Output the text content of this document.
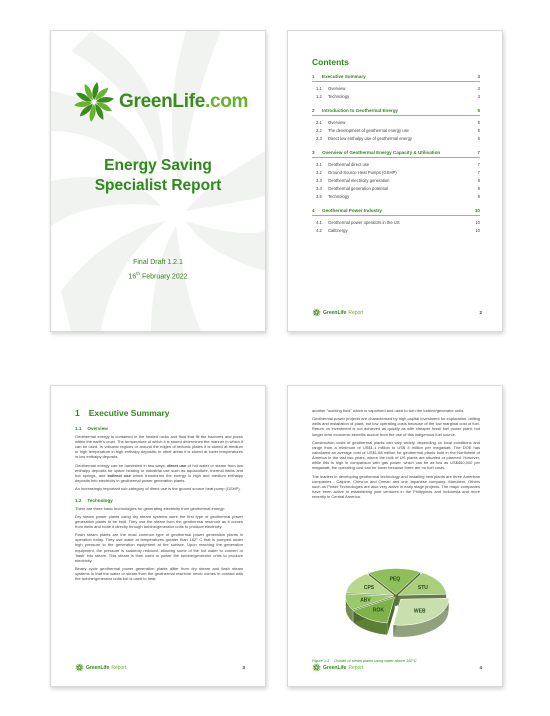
GreenLife.com
Energy Saving
Specialist Report
Final Draft 1.2.1
16th February 2022
Contents
1 Executive Summary	3
1.1 Overview	3
1.2 Technology	3
2 Introduction to Geothermal Energy	5
2.1 Overview	5
2.2 The development of geothermal energy use	5
2.3 Direct low enthalpy use of geothermal energy	6
3 Overview of Geothermal Energy Capacity & Utilisation	7
3.1 Geothermal direct use	7
3.2 Ground-Source Heat Pumps (GSHP)	7
3.3 Geothermal electricity generation	8
3.4 Geothermal generation potential	9
3.5 Technology	9
4 Geothermal Power Industry	10
4.1 Geothermal power operators in the US	10
4.2 CalEnergy	10
GreenLife Report	2
1 Executive Summary
1.1 Overview

Geothermal energy is contained in the heated rocks and fluid that fill the fractures and pores within the earth's crust. The temperature of which it is stored determines the manner in which it can be used. In volcanic regions or around the edges of tectonic plates it is stored at medium or high temperature in high enthalpy deposits; in other areas it is stored at lower temperatures in low enthalpy deposits.

Geothermal energy can be harvested in two ways, direct use of hot water or steam from low enthalpy deposits for space heating or industrial use such as aquaculture, thermal baths and hot springs, and indirect use which transforms the energy in high and medium enthalpy deposits into electricity in geothermal power generation plants.

An increasingly important sub-category of direct use is the ground source heat pump (GSHP).

1.2 Technology

There are three basic technologies for generating electricity from geothermal energy:

Dry steam power plants using dry steam systems were the first type of geothermal power generation plants to be built. They use the steam from the geothermal reservoir as it comes from wells and route it directly through turbine/generator units to produce electricity.

Flash steam plants are the most common type of geothermal power generation plants in operation today. They use water at temperatures greater than 182° C that is pumped under high pressure to the generation equipment at the surface. Upon reaching the generation equipment, the pressure is suddenly reduced, allowing some of the hot water to convert or 'flash' into steam. This steam is then used to power the turbine/generator units to produce electricity.

Binary cycle geothermal power generation plants differ from dry steam and flash steam systems in that the water or steam from the geothermal reservoir never comes in contact with the turbine/generator units but is used to heat

GreenLife Report	3

another "working fluid" which is vaporised and used to turn the turbine/generator units.

Geothermal power projects are characterised by high capital investment for exploration, drilling wells and installation of plant, but low operating costs because of the low marginal cost of fuel. Return on investment is not achieved as quickly as with cheaper fossil fuel power plant, but longer term economic benefits accrue from the use of this indigenous fuel source.

Construction costs of geothermal plants can vary widely, depending on local conditions and range from a minimum of US$1.1 million to US$ 3 million per megawatt. The DOE has calculated an average cost of US$1.68 million for geothermal plants built in the Northwest of America in the last two years, where the bulk of US plants are situated or planned. However, while this is high in comparison with gas power, which can be as low as US$460,000 per megawatt, the operating cost can be lower because there are no fuel costs.

The leaders in developing geothermal technology and installing new plants are three American companies - Calpine, Chevron and Ormat; and one Japanese company- Marubeni. Others such as Power Technologies are also very active in early stage projects. The major companies have been active in establishing joint ventures in the Philippines and Indonesia and more recently in Central America.

PEQ
STU
WEB
ROK
ABV
CPS
Figure 1.1 Growth of steam plants using water above 182°C
GreenLife Report	4
